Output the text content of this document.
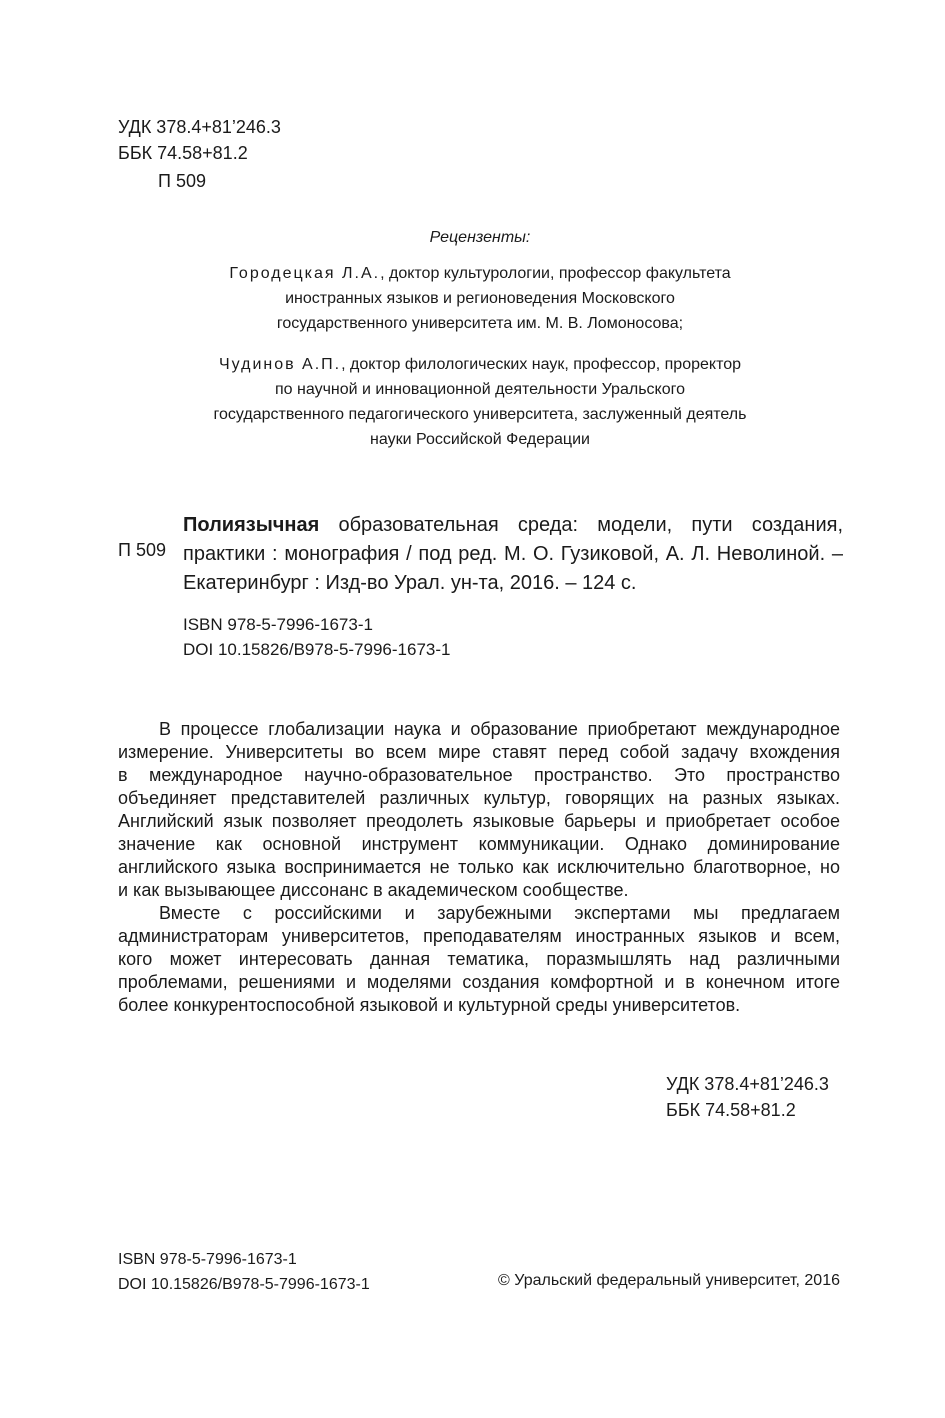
УДК 378.4+81’246.3
ББК 74.58+81.2
П 509
Рецензенты:
Городецкая Л.А., доктор культурологии, профессор факультета
иностранных языков и регионоведения Московского
государственного университета им. М. В. Ломоносова;
Чудинов А.П., доктор филологических наук, профессор, проректор
по научной и инновационной деятельности Уральского
государственного педагогического университета, заслуженный деятель
науки Российской Федерации
П 509
Полиязычная образовательная среда: модели, пути создания,
практики : монография / под ред. М. О. Гузиковой, А. Л. Неволиной. –
Екатеринбург : Изд-во Урал. ун-та, 2016. – 124 с.
ISBN 978-5-7996-1673-1
DOI 10.15826/B978-5-7996-1673-1

В процессе глобализации наука и образование приобретают международное
измерение. Университеты во всем мире ставят перед собой задачу вхождения
в международное научно-образовательное пространство. Это пространство
объединяет представителей различных культур, говорящих на разных языках.
Английский язык позволяет преодолеть языковые барьеры и приобретает особое
значение как основной инструмент коммуникации. Однако доминирование
английского языка воспринимается не только как исключительно благотворное, но
и как вызывающее диссонанс в академическом сообществе.

Вместе с российскими и зарубежными экспертами мы предлагаем
администраторам университетов, преподавателям иностранных языков и всем,
кого может интересовать данная тематика, поразмышлять над различными
проблемами, решениями и моделями создания комфортной и в конечном итоге
более конкурентоспособной языковой и культурной среды университетов.

УДК 378.4+81’246.3
ББК 74.58+81.2
ISBN 978-5-7996-1673-1
DOI 10.15826/B978-5-7996-1673-1	© Уральский федеральный университет, 2016
